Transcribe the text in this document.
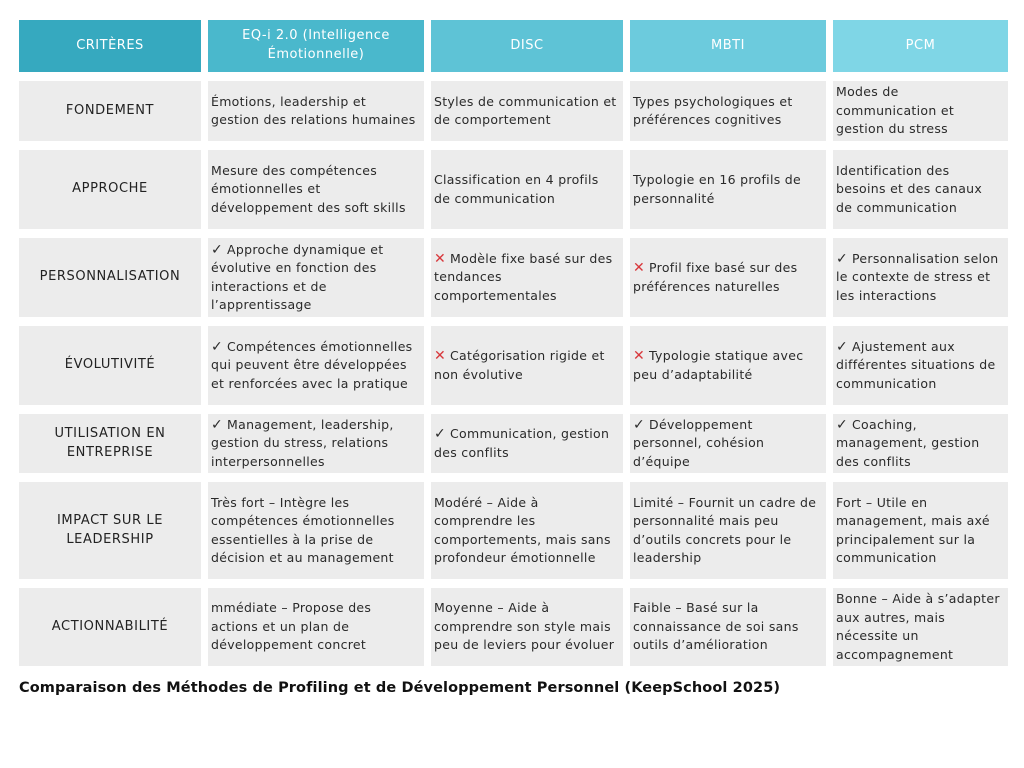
CRITÈRES
EQ-i 2.0 (Intelligence Émotionnelle)
DISC	MBTI	PCM
FONDEMENT

Émotions, leadership et gestion des relations humaines

Styles de communication et de comportement

Types psychologiques et préférences cognitives

Modes de communication et gestion du stress

APPROCHE

Mesure des compétences émotionnelles et développement des soft skills

Classification en 4 profils de communication

Typologie en 16 profils de personnalité

Identification des besoins et des canaux de communication

PERSONNALISATION

✓ Approche dynamique et évolutive en fonction des interactions et de l’apprentissage

✕ Modèle fixe basé sur des tendances comportementales

✕ Profil fixe basé sur des préférences naturelles

✓ Personnalisation selon le contexte de stress et les interactions

ÉVOLUTIVITÉ

✓ Compétences émotionnelles qui peuvent être développées et renforcées avec la pratique

✕ Catégorisation rigide et non évolutive

✕ Typologie statique avec peu d’adaptabilité

✓ Ajustement aux différentes situations de communication

UTILISATION EN ENTREPRISE

✓ Management, leadership, gestion du stress, relations interpersonnelles

✓ Communication, gestion des conflits

✓ Développement personnel, cohésion d’équipe

✓ Coaching, management, gestion des conflits

IMPACT SUR LE LEADERSHIP

Très fort – Intègre les compétences émotionnelles essentielles à la prise de décision et au management

Modéré – Aide à comprendre les comportements, mais sans profondeur émotionnelle

Limité – Fournit un cadre de personnalité mais peu d’outils concrets pour le leadership

Fort – Utile en management, mais axé principalement sur la communication

ACTIONNABILITÉ

mmédiate – Propose des actions et un plan de développement concret

Moyenne – Aide à comprendre son style mais peu de leviers pour évoluer

Faible – Basé sur la connaissance de soi sans outils d’amélioration

Bonne – Aide à s’adapter aux autres, mais nécessite un accompagnement

Comparaison des Méthodes de Profiling et de Développement Personnel (KeepSchool 2025)
